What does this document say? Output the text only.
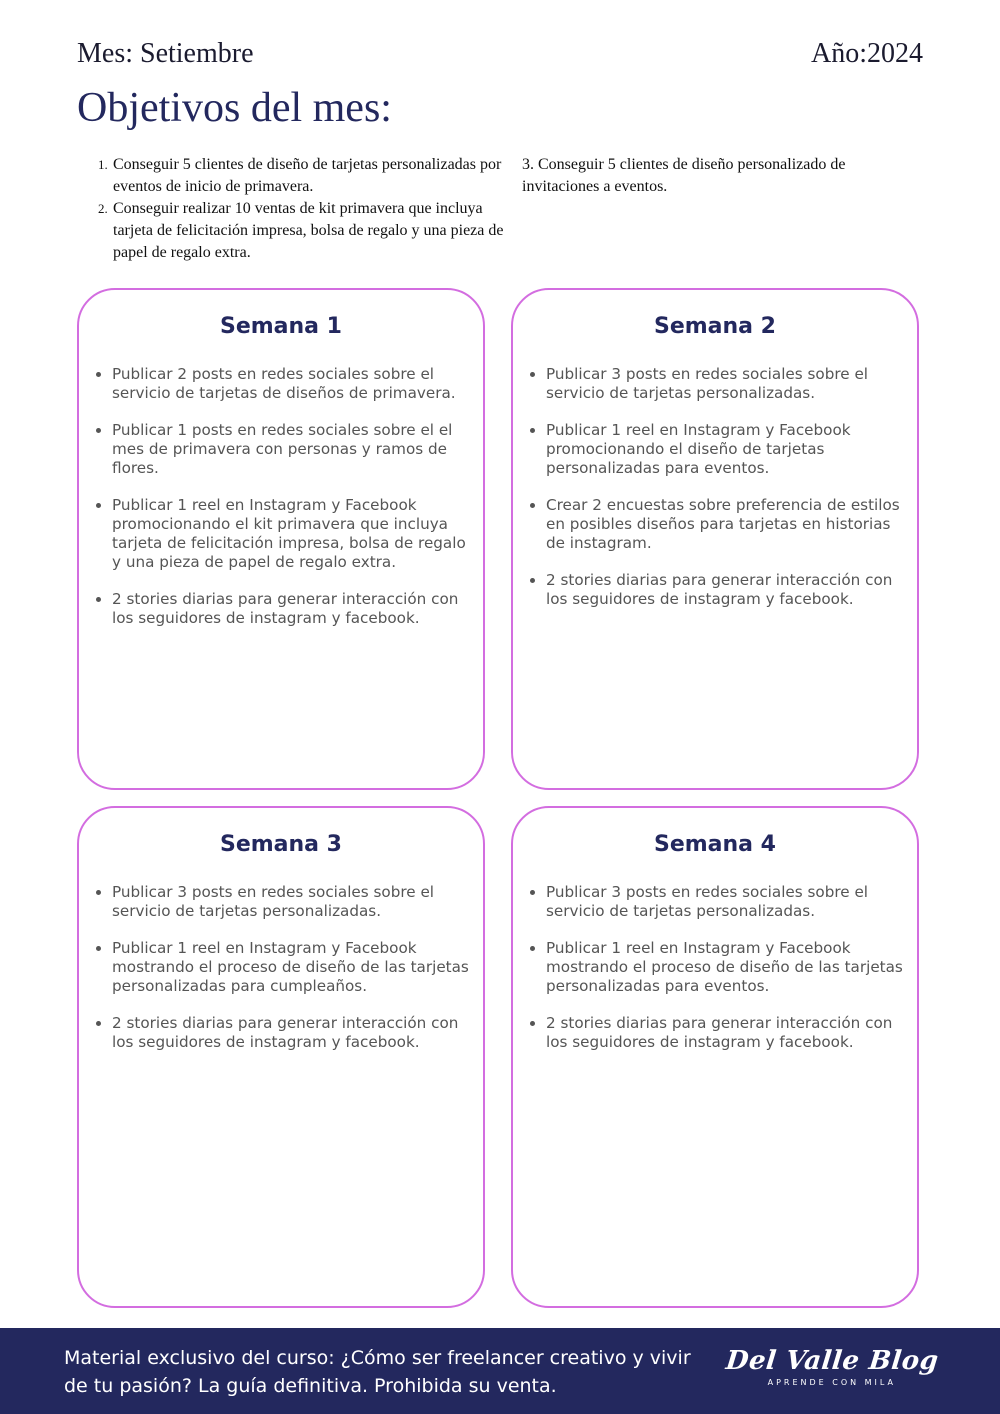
Mes: Setiembre	Año:2024
Objetivos del mes:
1. Conseguir 5 clientes de diseño de tarjetas personalizadas por eventos de inicio de primavera.
2. Conseguir realizar 10 ventas de kit primavera que incluya tarjeta de felicitación impresa, bolsa de regalo y una pieza de papel de regalo extra.
3. Conseguir 5 clientes de diseño personalizado de invitaciones a eventos.
Semana 1
• Publicar 2 posts en redes sociales sobre el servicio de tarjetas de diseños de primavera.
• Publicar 1 posts en redes sociales sobre el el mes de primavera con personas y ramos de flores.
• Publicar 1 reel en Instagram y Facebook promocionando el kit primavera que incluya tarjeta de felicitación impresa, bolsa de regalo y una pieza de papel de regalo extra.
• 2 stories diarias para generar interacción con los seguidores de instagram y facebook.
Semana 2
• Publicar 3 posts en redes sociales sobre el servicio de tarjetas personalizadas.
• Publicar 1 reel en Instagram y Facebook promocionando el diseño de tarjetas personalizadas para eventos.
• Crear 2 encuestas sobre preferencia de estilos en posibles diseños para tarjetas en historias de instagram.
• 2 stories diarias para generar interacción con los seguidores de instagram y facebook.
Semana 3
• Publicar 3 posts en redes sociales sobre el servicio de tarjetas personalizadas.
• Publicar 1 reel en Instagram y Facebook mostrando el proceso de diseño de las tarjetas personalizadas para cumpleaños.
• 2 stories diarias para generar interacción con los seguidores de instagram y facebook.
Semana 4
• Publicar 3 posts en redes sociales sobre el servicio de tarjetas personalizadas.
• Publicar 1 reel en Instagram y Facebook mostrando el proceso de diseño de las tarjetas personalizadas para eventos.
• 2 stories diarias para generar interacción con los seguidores de instagram y facebook.
Material exclusivo del curso: ¿Cómo ser freelancer creativo y vivir de tu pasión? La guía definitiva. Prohibida su venta.
Del Valle Blog
APRENDE CON MILA
